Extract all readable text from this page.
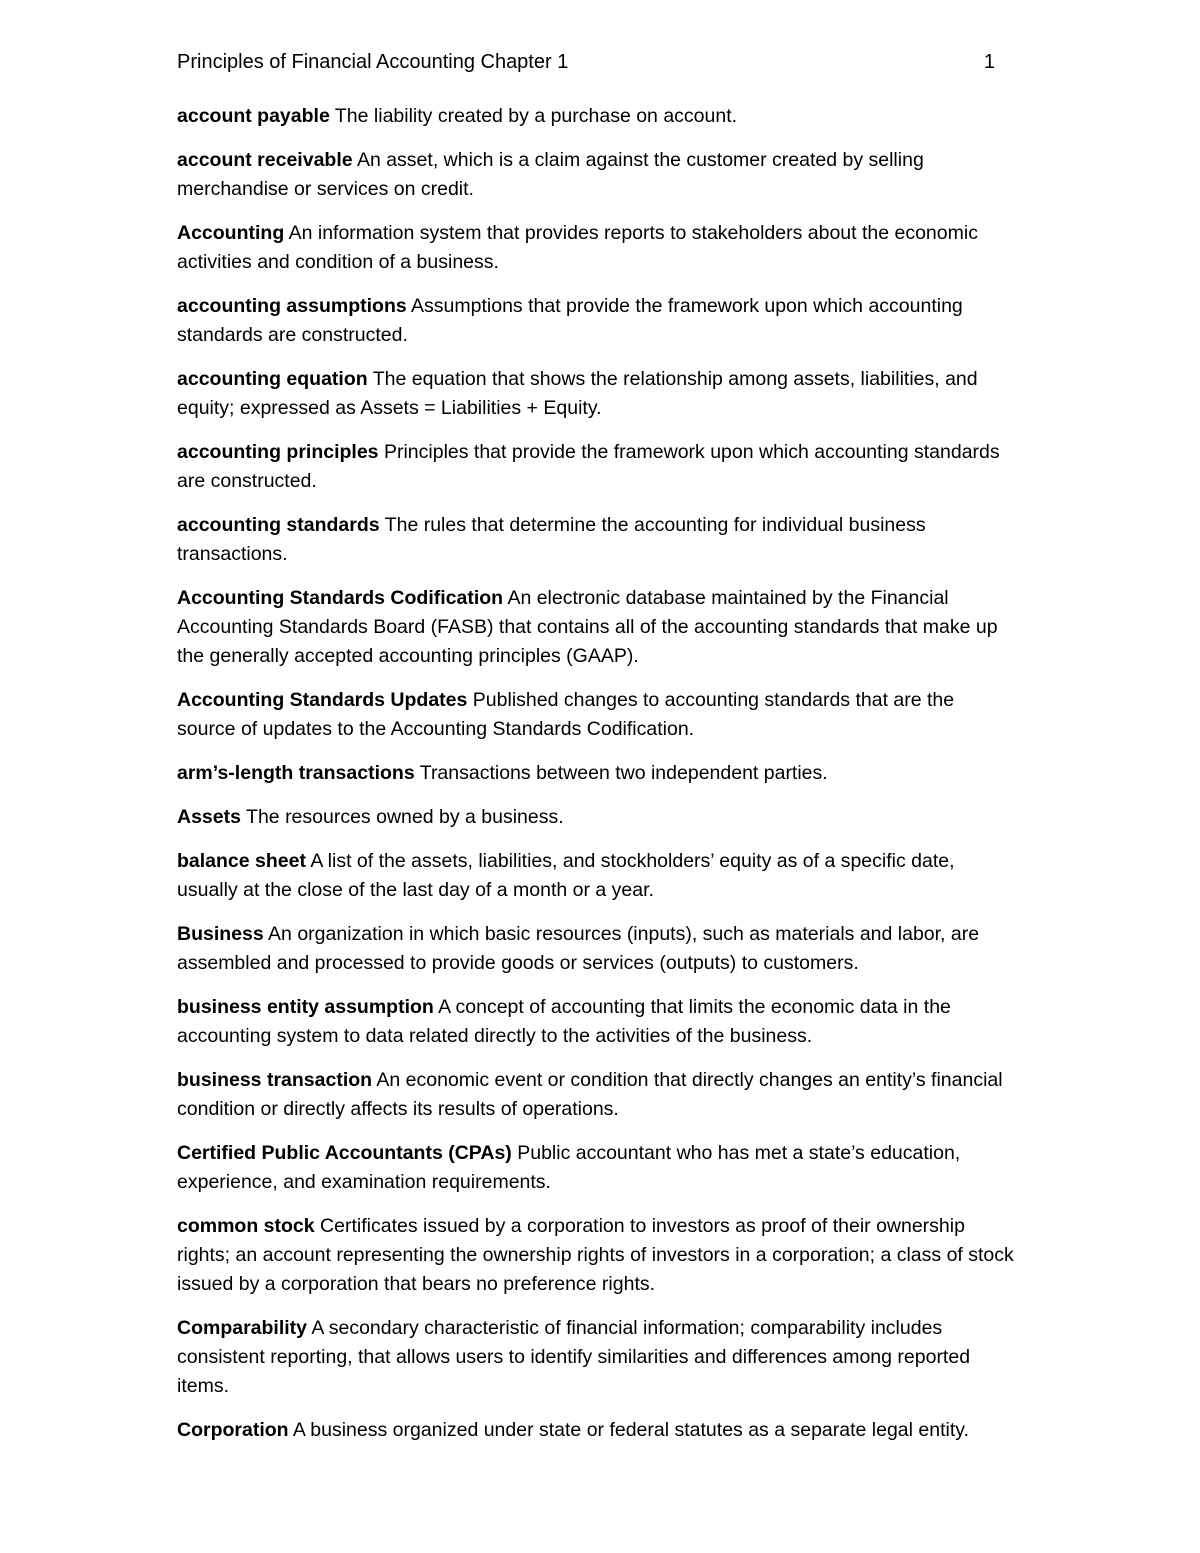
Principles of Financial Accounting Chapter 1	1

account payable The liability created by a purchase on account.

account receivable An asset, which is a claim against the customer created by selling merchandise or services on credit.

Accounting An information system that provides reports to stakeholders about the economic activities and condition of a business.

accounting assumptions Assumptions that provide the framework upon which accounting standards are constructed.

accounting equation The equation that shows the relationship among assets, liabilities, and equity; expressed as Assets = Liabilities + Equity.

accounting principles Principles that provide the framework upon which accounting standards are constructed.

accounting standards The rules that determine the accounting for individual business transactions.

Accounting Standards Codification An electronic database maintained by the Financial Accounting Standards Board (FASB) that contains all of the accounting standards that make up the generally accepted accounting principles (GAAP).

Accounting Standards Updates Published changes to accounting standards that are the source of updates to the Accounting Standards Codification.

arm’s-length transactions Transactions between two independent parties.

Assets The resources owned by a business.

balance sheet A list of the assets, liabilities, and stockholders’ equity as of a specific date, usually at the close of the last day of a month or a year.

Business An organization in which basic resources (inputs), such as materials and labor, are assembled and processed to provide goods or services (outputs) to customers.

business entity assumption A concept of accounting that limits the economic data in the accounting system to data related directly to the activities of the business.

business transaction An economic event or condition that directly changes an entity’s financial condition or directly affects its results of operations.

Certified Public Accountants (CPAs) Public accountant who has met a state’s education, experience, and examination requirements.

common stock Certificates issued by a corporation to investors as proof of their ownership rights; an account representing the ownership rights of investors in a corporation; a class of stock issued by a corporation that bears no preference rights.

Comparability A secondary characteristic of financial information; comparability includes consistent reporting, that allows users to identify similarities and differences among reported items.

Corporation A business organized under state or federal statutes as a separate legal entity.
